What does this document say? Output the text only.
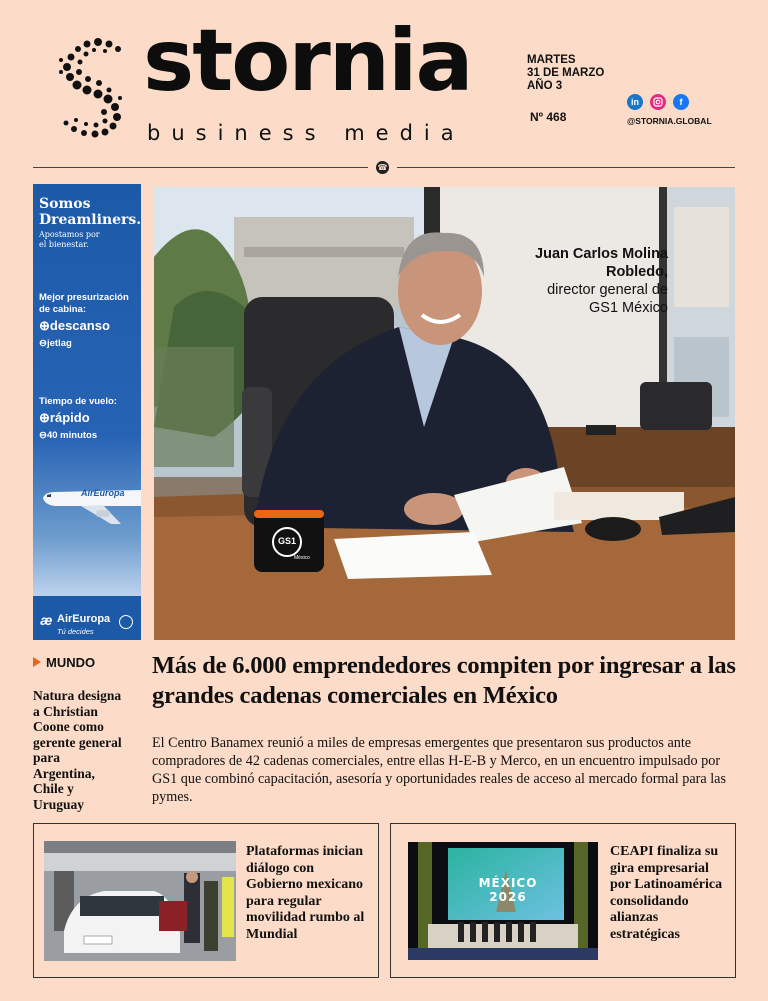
stornia
business media
MARTES
31 DE MARZO
AÑO 3
Nº 468
in	f
@STORNIA.GLOBAL
☎
Somos Dreamliners.
Apostamos por el bienestar.
Mejor presurización de cabina:
⊕descanso
⊖jetlag
Tiempo de vuelo:
⊕rápido
⊖40 minutos
AirEuropa
æ AirEuropa
Tú decides
GS1
México
Juan Carlos Molina Robledo,
director general de GS1 México
MUNDO
Natura designa a Christian Coone como gerente general para Argentina, Chile y Uruguay
Más de 6.000 emprendedores compiten por ingresar a las grandes cadenas comerciales en México
El Centro Banamex reunió a miles de empresas emergentes que presentaron sus productos ante compradores de 42 cadenas comerciales, entre ellas H-E-B y Merco, en un encuentro impulsado por GS1 que combinó capacitación, asesoría y oportunidades reales de acceso al mercado formal para las pymes.
Plataformas inician diálogo con Gobierno mexicano para regular movilidad rumbo al Mundial
MÉXICO 2026
CEAPI finaliza su gira empresarial por Latinoamérica consolidando alianzas estratégicas
